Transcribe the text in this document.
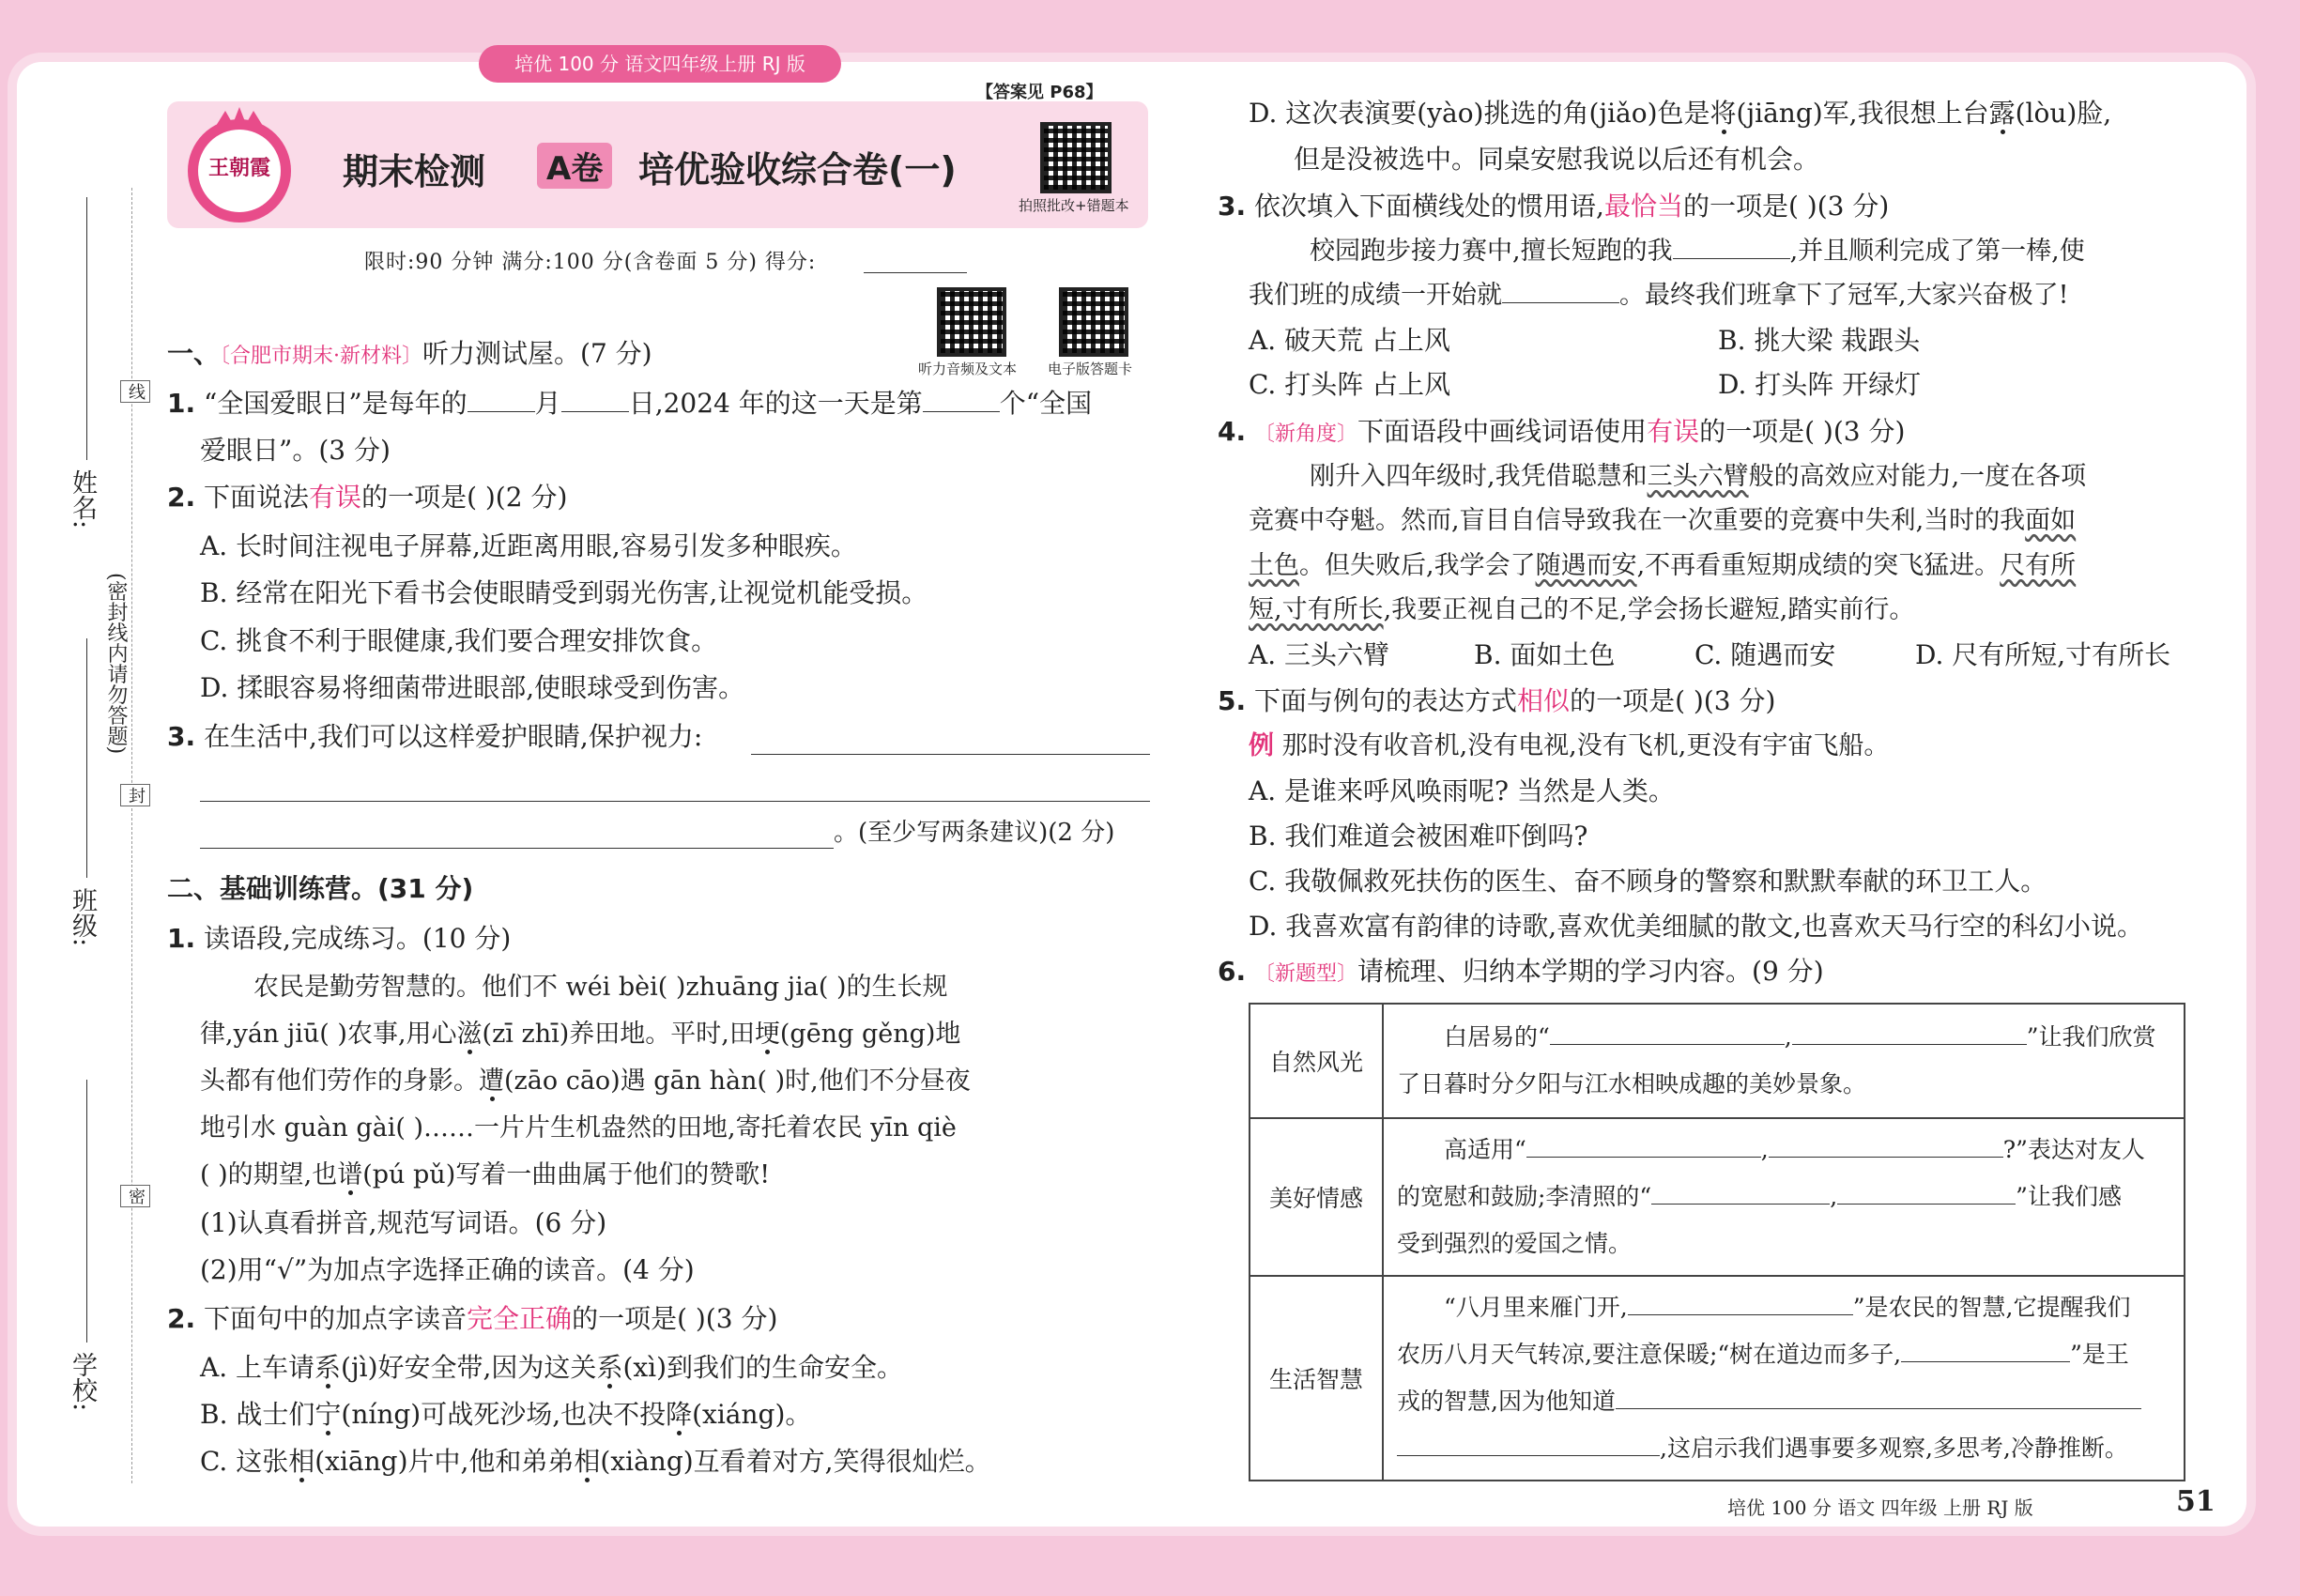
培优 100 分 语文四年级上册 RJ 版
姓名:
班级:
学校:
(密封线内请勿答题)
线
封
密
王朝霞
【答案见 P68】
期末检测 A卷 培优验收综合卷(一)
拍照批改+错题本
限时:90 分钟 满分:100 分(含卷面 5 分) 得分:
听力音频及文本 电子版答题卡
一、〔合肥市期末·新材料〕听力测试屋。(7 分)
1. “全国爱眼日”是每年的	月	日,2024 年的这一天是第	个“全国
爱眼日”。(3 分)
2. 下面说法有误的一项是( )(2 分)
A. 长时间注视电子屏幕,近距离用眼,容易引发多种眼疾。
B. 经常在阳光下看书会使眼睛受到弱光伤害,让视觉机能受损。
C. 挑食不利于眼健康,我们要合理安排饮食。
D. 揉眼容易将细菌带进眼部,使眼球受到伤害。
3. 在生活中,我们可以这样爱护眼睛,保护视力:
。(至少写两条建议)(2 分)
二、基础训练营。(31 分)
1. 读语段,完成练习。(10 分)
农民是勤劳智慧的。他们不 wéi bèi( )zhuāng jia( )的生长规
律,yán jiū( )农事,用心滋(zī zhī)养田地。平时,田埂(gēng gěng)地
头都有他们劳作的身影。遭(zāo cāo)遇 gān hàn( )时,他们不分昼夜
地引水 guàn gài( )……一片片生机盎然的田地,寄托着农民 yīn qiè
( )的期望,也谱(pú pǔ)写着一曲曲属于他们的赞歌!
(1)认真看拼音,规范写词语。(6 分)
(2)用“√”为加点字选择正确的读音。(4 分)
2. 下面句中的加点字读音完全正确的一项是( )(3 分)
A. 上车请系(jì)好安全带,因为这关系(xì)到我们的生命安全。
B. 战士们宁(níng)可战死沙场,也决不投降(xiáng)。
C. 这张相(xiāng)片中,他和弟弟相(xiàng)互看着对方,笑得很灿烂。
D. 这次表演要(yào)挑选的角(jiǎo)色是将(jiāng)军,我很想上台露(lòu)脸,
但是没被选中。同桌安慰我说以后还有机会。
3. 依次填入下面横线处的惯用语,最恰当的一项是( )(3 分)
校园跑步接力赛中,擅长短跑的我	,并且顺利完成了第一棒,使
我们班的成绩一开始就	。最终我们班拿下了冠军,大家兴奋极了!
A. 破天荒 占上风	B. 挑大梁 栽跟头
C. 打头阵 占上风	D. 打头阵 开绿灯
4. 〔新角度〕下面语段中画线词语使用有误的一项是( )(3 分)
刚升入四年级时,我凭借聪慧和三头六臂般的高效应对能力,一度在各项
竞赛中夺魁。然而,盲目自信导致我在一次重要的竞赛中失利,当时的我面如
土色。但失败后,我学会了随遇而安,不再看重短期成绩的突飞猛进。尺有所
短,寸有所长,我要正视自己的不足,学会扬长避短,踏实前行。
A. 三头六臂	B. 面如土色	C. 随遇而安	D. 尺有所短,寸有所长
5. 下面与例句的表达方式相似的一项是( )(3 分)
例 那时没有收音机,没有电视,没有飞机,更没有宇宙飞船。
A. 是谁来呼风唤雨呢? 当然是人类。
B. 我们难道会被困难吓倒吗?
C. 我敬佩救死扶伤的医生、奋不顾身的警察和默默奉献的环卫工人。
D. 我喜欢富有韵律的诗歌,喜欢优美细腻的散文,也喜欢天马行空的科幻小说。
6. 〔新题型〕请梳理、归纳本学期的学习内容。(9 分)
自然风光	白居易的“ , ”让我们欣赏
了日暮时分夕阳与江水相映成趣的美妙景象。
美好情感	高适用“ , ?”表达对友人
的宽慰和鼓励;李清照的“ , ”让我们感
受到强烈的爱国之情。
生活智慧	“八月里来雁门开, ”是农民的智慧,它提醒我们
农历八月天气转凉,要注意保暖;“树在道边而多子, ”是王
戎的智慧,因为他知道
,这启示我们遇事要多观察,多思考,冷静推断。
培优 100 分 语文 四年级 上册 RJ 版	51
